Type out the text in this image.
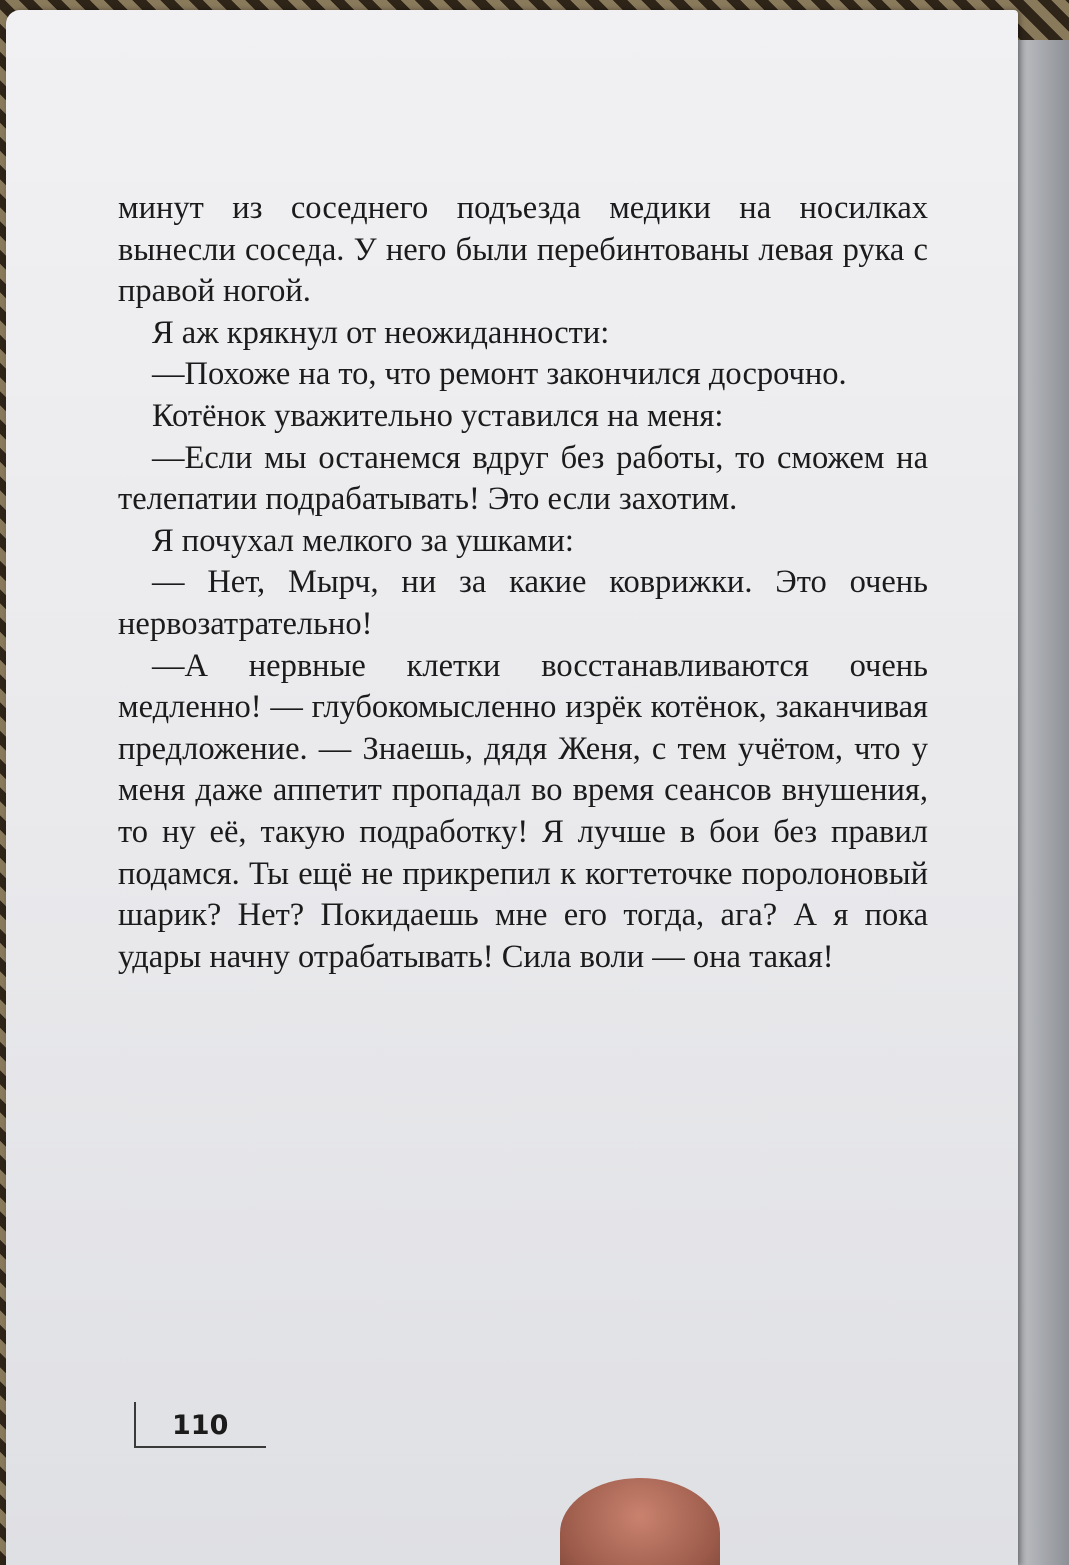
минут из соседнего подъезда медики на носилках вынесли соседа. У него были перебинтованы левая рука с правой ногой.

Я аж крякнул от неожиданности:

—Похоже на то, что ремонт закончился досрочно.

Котёнок уважительно уставился на меня:

—Если мы останемся вдруг без работы, то сможем на телепатии подрабатывать! Это если захотим.

Я почухал мелкого за ушками:

— Нет, Мырч, ни за какие коврижки. Это очень нервозатрательно!

—А нервные клетки восстанавливаются очень медленно! — глубокомысленно изрёк котёнок, заканчивая предложение. — Знаешь, дядя Женя, с тем учётом, что у меня даже аппетит пропадал во время сеансов внушения, то ну её, такую подработку! Я лучше в бои без правил подамся. Ты ещё не прикрепил к когтеточке поролоновый шарик? Нет? Покидаешь мне его тогда, ага? А я пока удары начну отрабатывать! Сила воли — она такая!

110
